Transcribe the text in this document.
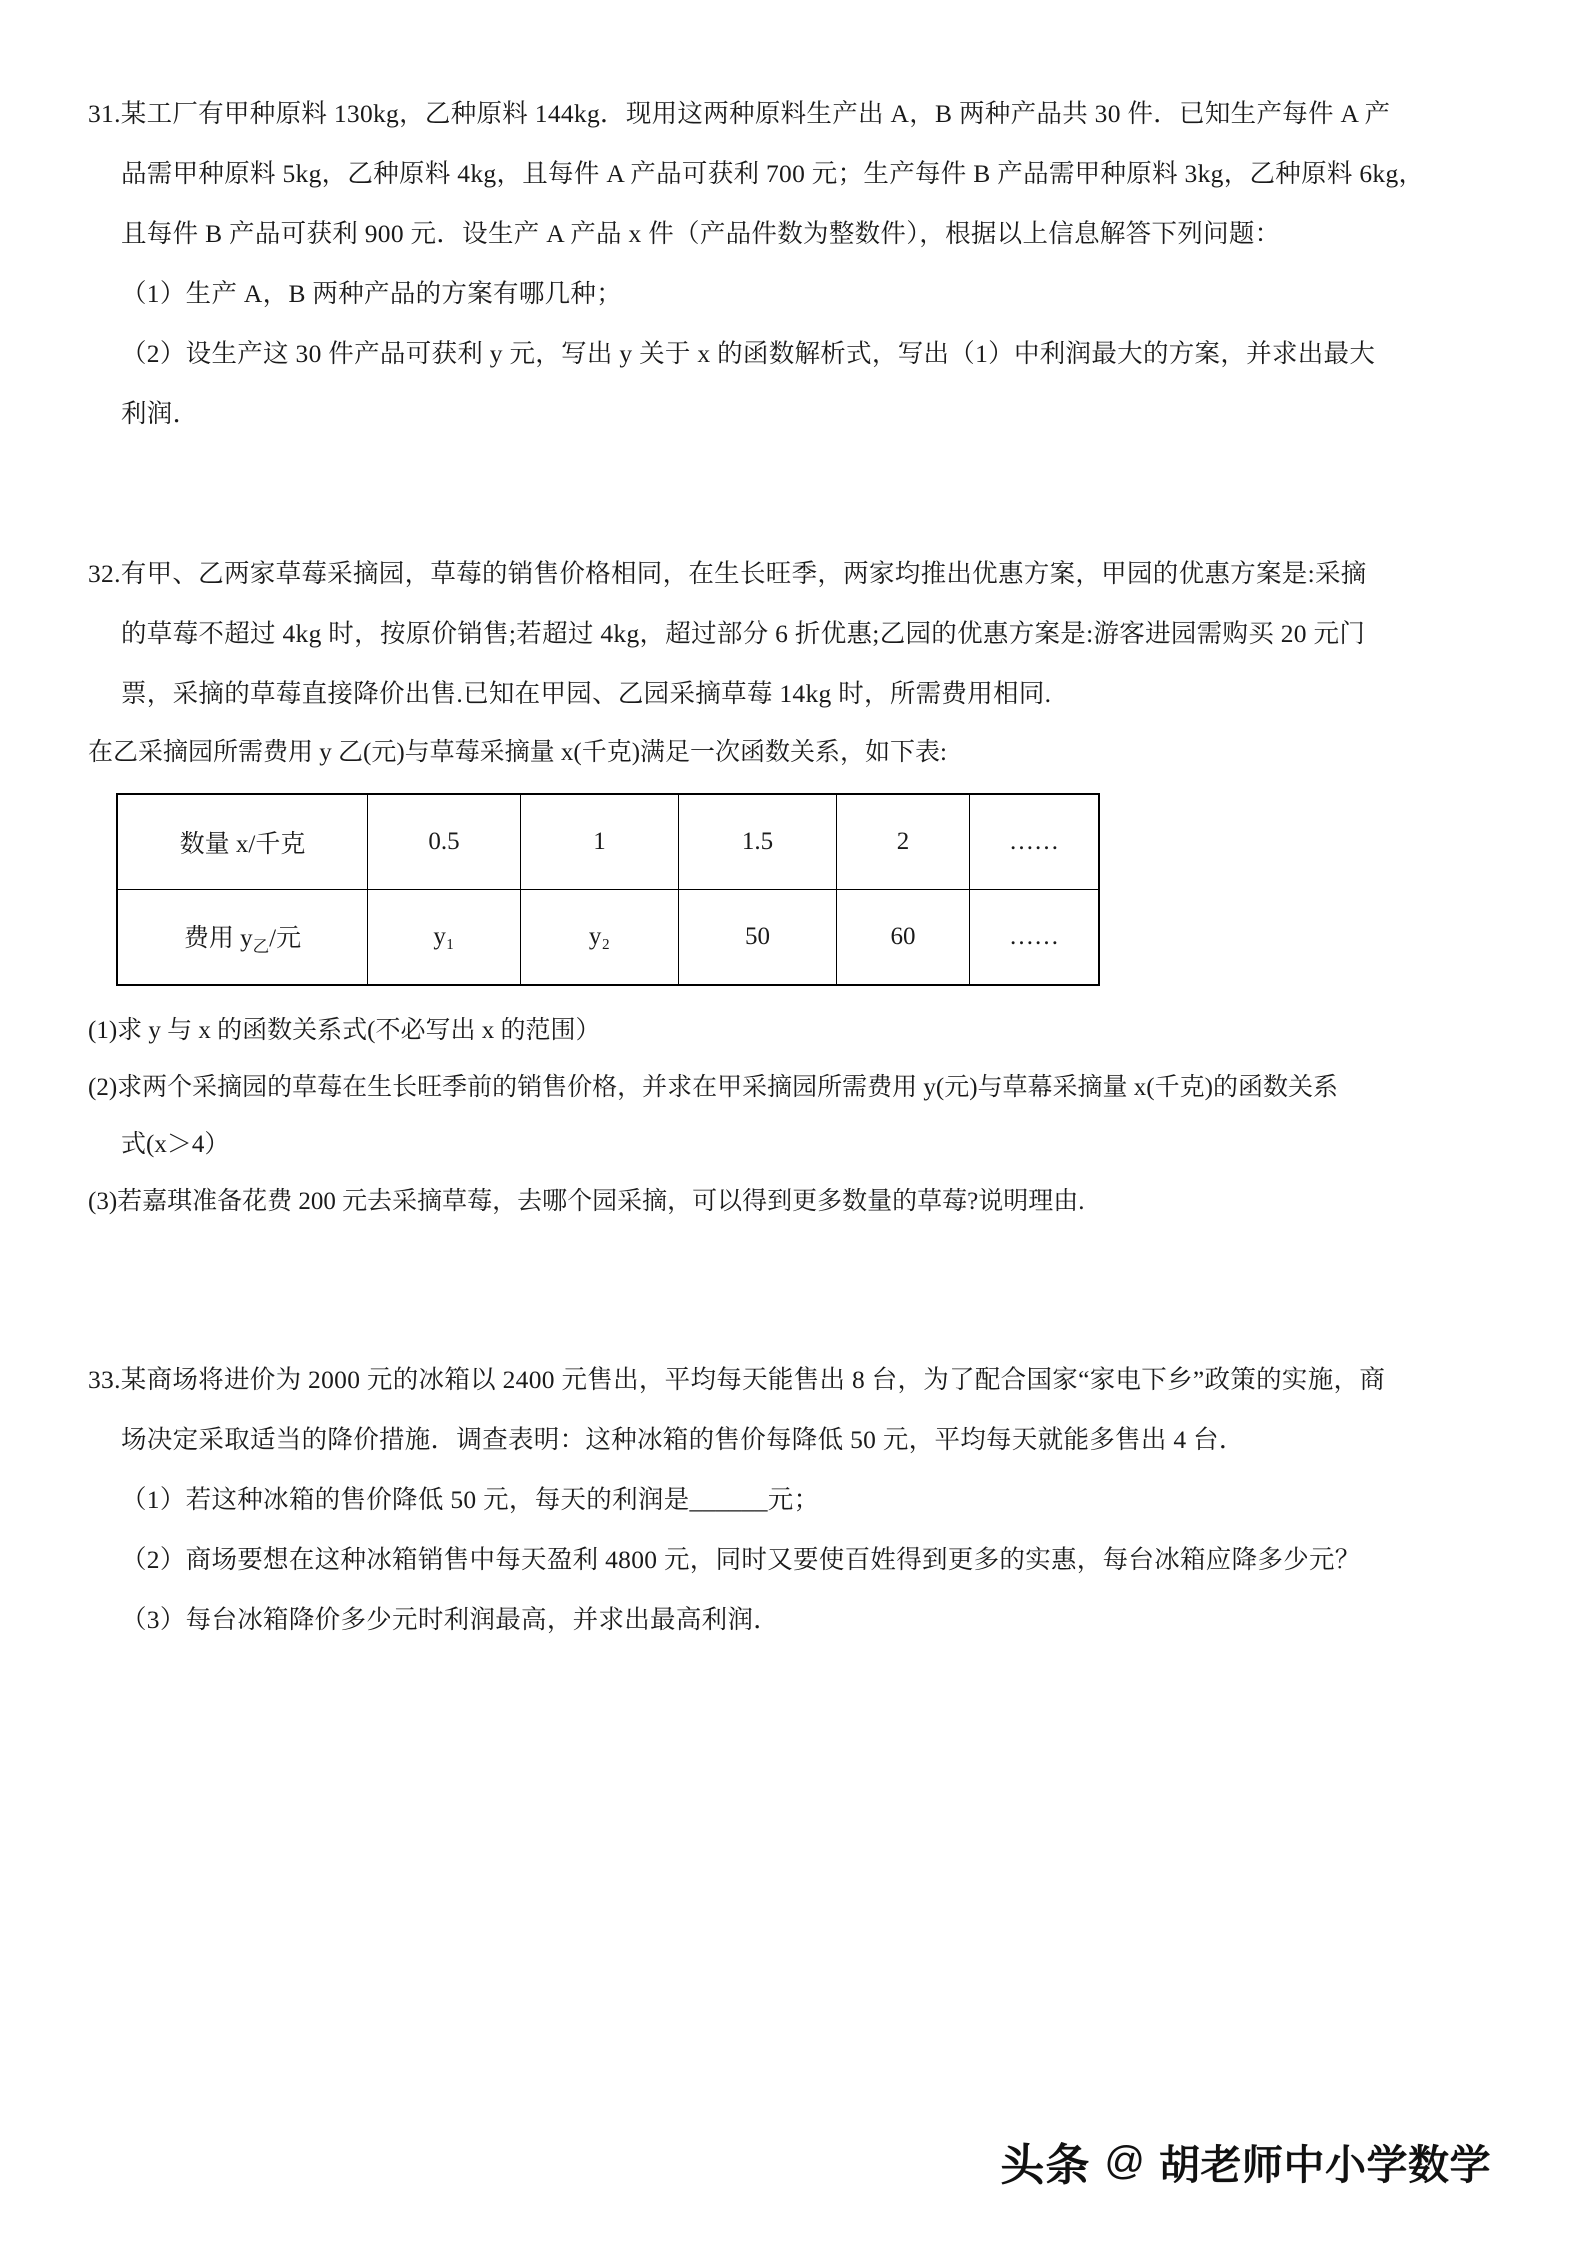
31.某工厂有甲种原料 130kg，乙种原料 144kg．现用这两种原料生产出 A，B 两种产品共 30 件．已知生产每件 A 产
品需甲种原料 5kg，乙种原料 4kg，且每件 A 产品可获利 700 元；生产每件 B 产品需甲种原料 3kg，乙种原料 6kg，
且每件 B 产品可获利 900 元．设生产 A 产品 x 件（产品件数为整数件），根据以上信息解答下列问题：
（1）生产 A，B 两种产品的方案有哪几种；
（2）设生产这 30 件产品可获利 y 元，写出 y 关于 x 的函数解析式，写出（1）中利润最大的方案，并求出最大
利润．
32.有甲、乙两家草莓采摘园，草莓的销售价格相同，在生长旺季，两家均推出优惠方案，甲园的优惠方案是:采摘
的草莓不超过 4kg 时，按原价销售;若超过 4kg，超过部分 6 折优惠;乙园的优惠方案是:游客进园需购买 20 元门
票，采摘的草莓直接降价出售.已知在甲园、乙园采摘草莓 14kg 时，所需费用相同.
在乙采摘园所需费用 y 乙(元)与草莓采摘量 x(千克)满足一次函数关系，如下表:
数量 x/千克	0.5	1	1.5	2	……
费用 $y_乙/$元	y₁	y₂	50	60	……
(1)求 y 与 x 的函数关系式(不必写出 x 的范围）
(2)求两个采摘园的草莓在生长旺季前的销售价格，并求在甲采摘园所需费用 y(元)与草幕采摘量 x(千克)的函数关系
式(x＞4）
(3)若嘉琪准备花费 200 元去采摘草莓，去哪个园采摘，可以得到更多数量的草莓?说明理由.
33.某商场将进价为 2000 元的冰箱以 2400 元售出，平均每天能售出 8 台，为了配合国家“家电下乡”政策的实施，商
场决定采取适当的降价措施．调查表明：这种冰箱的售价每降低 50 元，平均每天就能多售出 4 台．
（1）若这种冰箱的售价降低 50 元，每天的利润是______元；
（2）商场要想在这种冰箱销售中每天盈利 4800 元，同时又要使百姓得到更多的实惠，每台冰箱应降多少元？
（3）每台冰箱降价多少元时利润最高，并求出最高利润．
头条 @ 胡老师中小学数学
